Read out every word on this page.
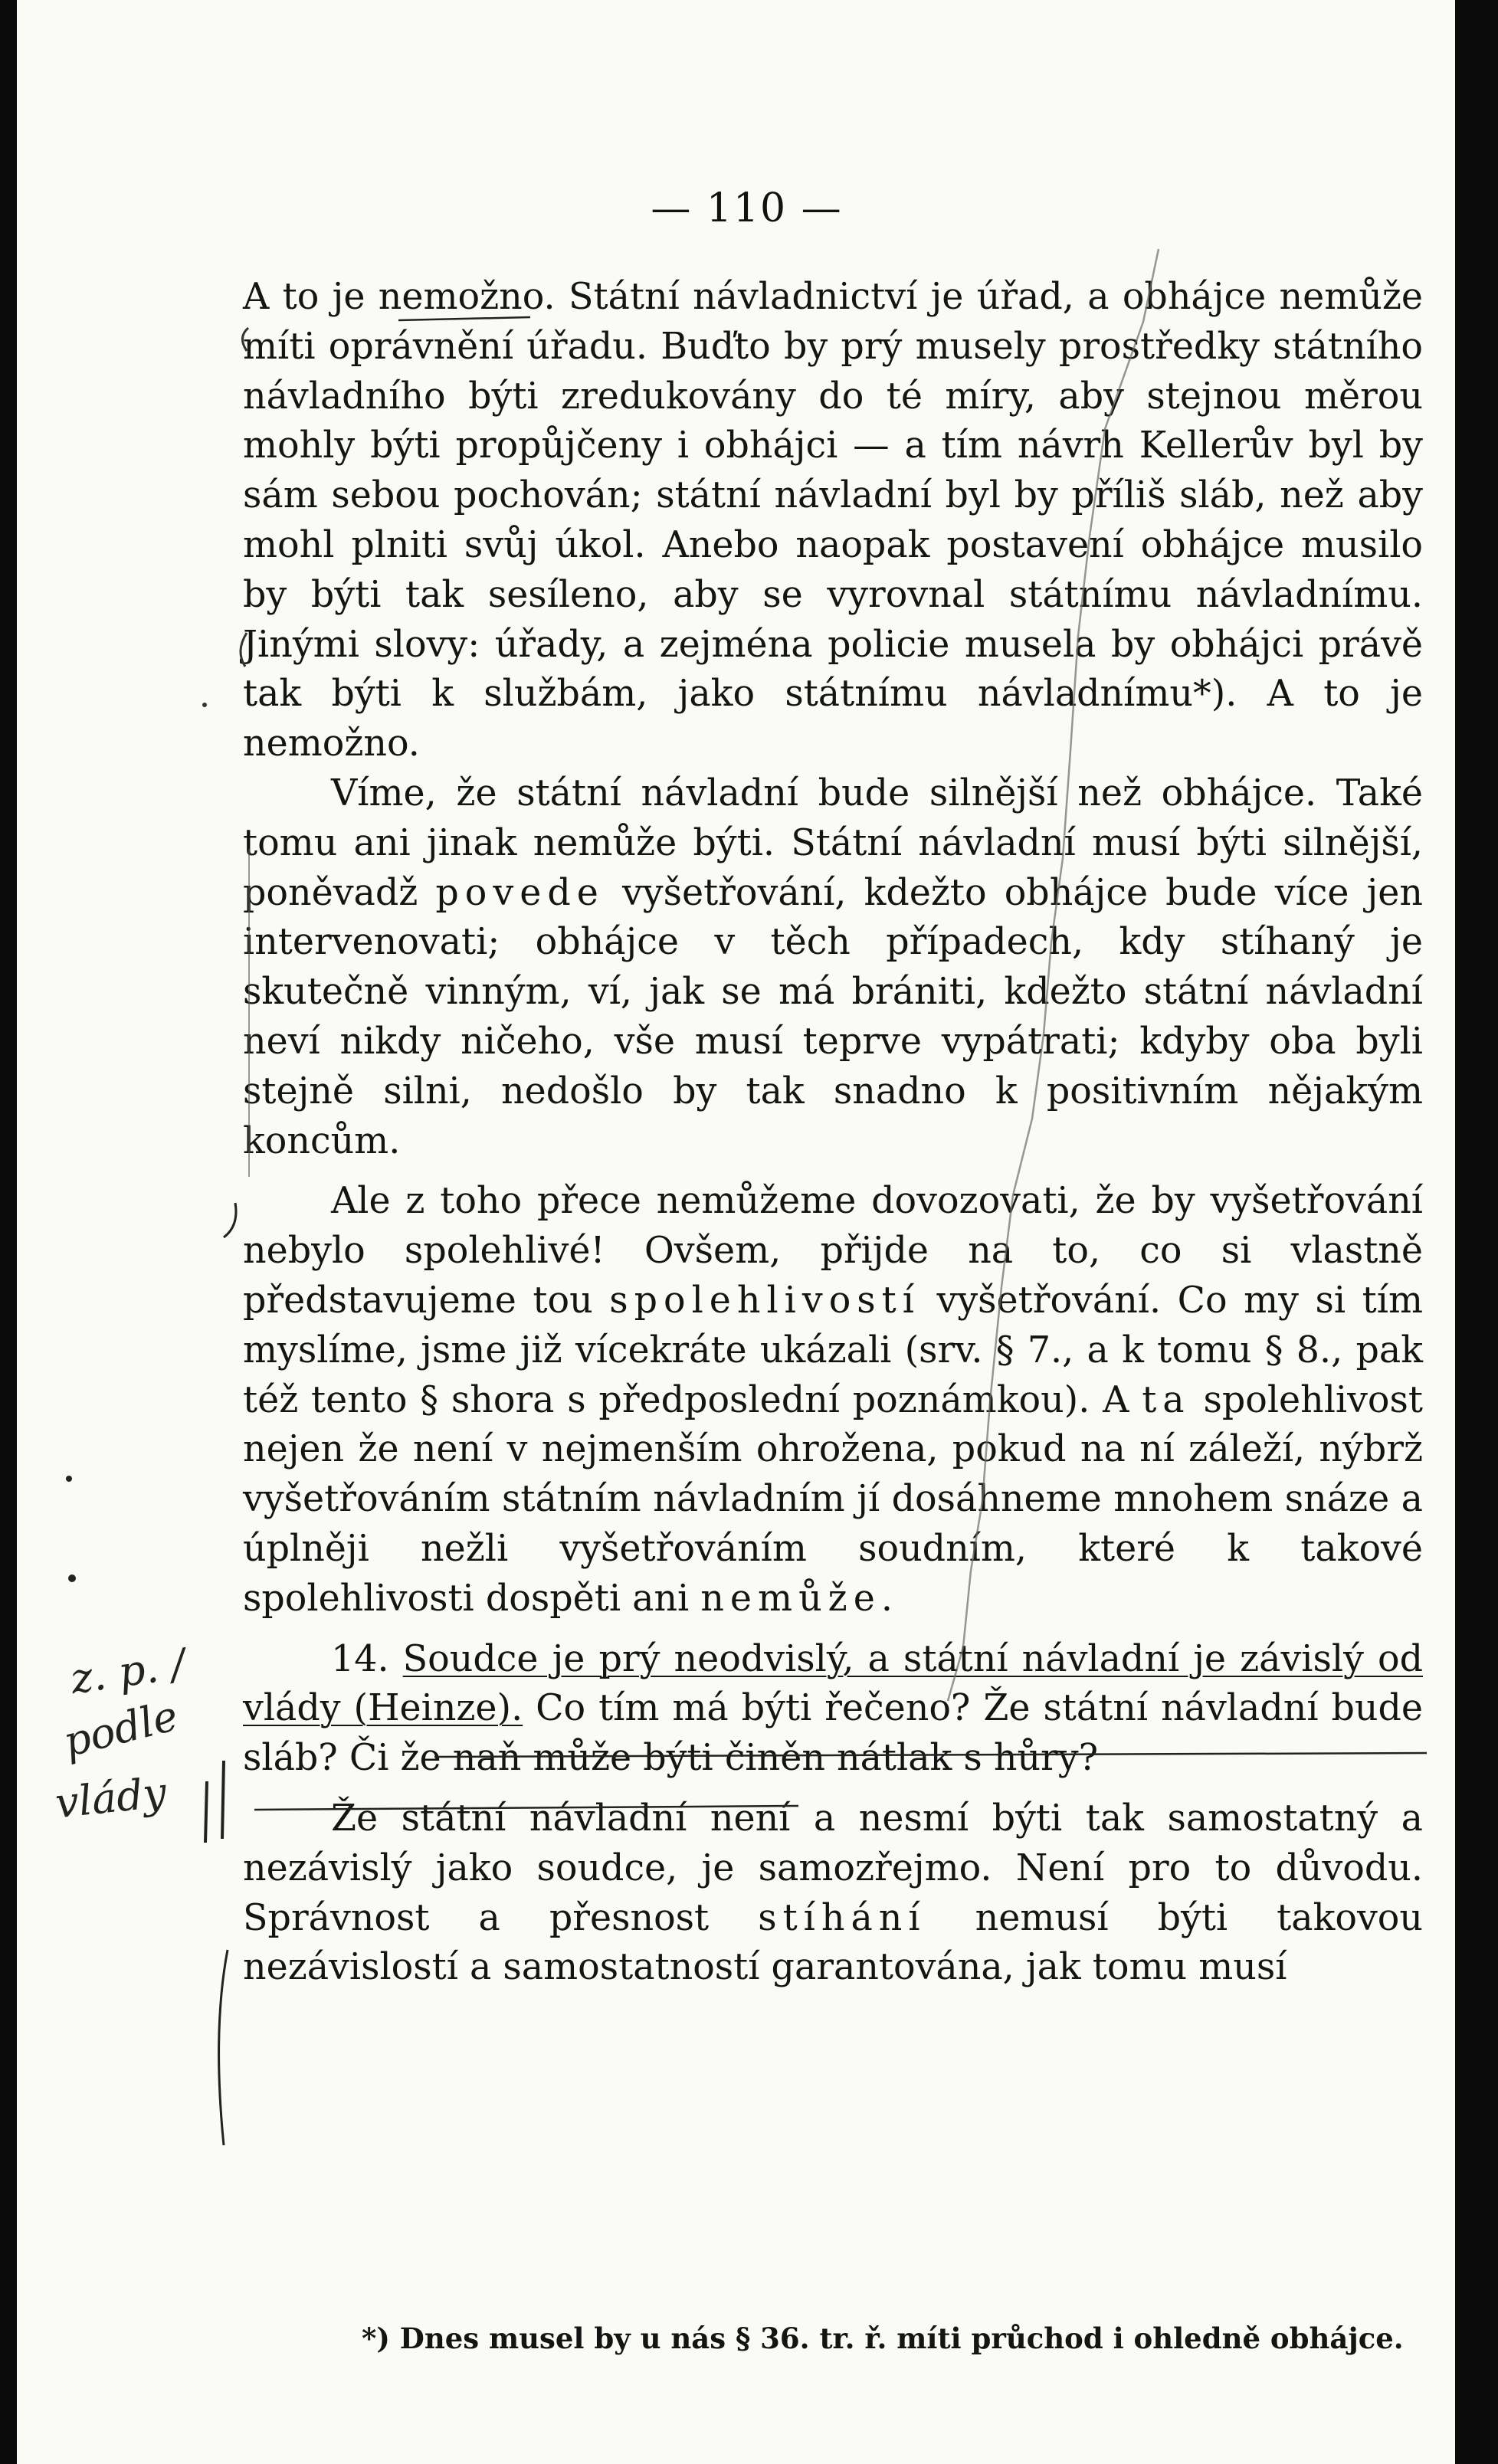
— 110 —

A to je nemožno. Státní návladnictví je úřad, a obhájce nemůže míti oprávnění úřadu. Buďto by prý musely prostředky státního návladního býti zredukovány do té míry, aby stejnou měrou mohly býti propůjčeny i obhájci — a tím návrh Kellerův byl by sám sebou pochován; státní návladní byl by příliš sláb, než aby mohl plniti svůj úkol. Anebo naopak postavení obhájce musilo by býti tak sesíleno, aby se vyrovnal státnímu návladnímu. Jinými slovy: úřady, a zejména policie musela by obhájci právě tak býti k službám, jako státnímu návladnímu*). A to je nemožno.

Víme, že státní návladní bude silnější než obhájce. Také tomu ani jinak nemůže býti. Státní návladní musí býti silnější, poněvadž povede vyšetřování, kdežto obhájce bude více jen intervenovati; obhájce v těch případech, kdy stíhaný je skutečně vinným, ví, jak se má brániti, kdežto státní návladní neví nikdy ničeho, vše musí teprve vypátrati; kdyby oba byli stejně silni, nedošlo by tak snadno k positivním nějakým koncům.

Ale z toho přece nemůžeme dovozovati, že by vyšetřování nebylo spolehlivé! Ovšem, přijde na to, co si vlastně představujeme tou spolehlivostí vyšetřování. Co my si tím myslíme, jsme již vícekráte ukázali (srv. § 7., a k tomu § 8., pak též tento § shora s předposlední poznámkou). A ta spolehlivost nejen že není v nejmenším ohrožena, pokud na ní záleží, nýbrž vyšetřováním státním návladním jí dosáhneme mnohem snáze a úplněji nežli vyšetřováním soudním, které k takové spolehlivosti dospěti ani nemůže.

14. Soudce je prý neodvislý, a státní návladní je závislý od vlády (Heinze). Co tím má býti řečeno? Že státní návladní bude sláb? Či že naň může býti činěn nátlak s hůry?

Že státní návladní není a nesmí býti tak samostatný a nezávislý jako soudce, je samozřejmo. Není pro to důvodu. Správnost a přesnost stíhání nemusí býti takovou nezávislostí a samostatností garantována, jak tomu musí

*) Dnes musel by u nás § 36. tr. ř. míti průchod i ohledně obhájce.
z. p. /
podle
vlády
